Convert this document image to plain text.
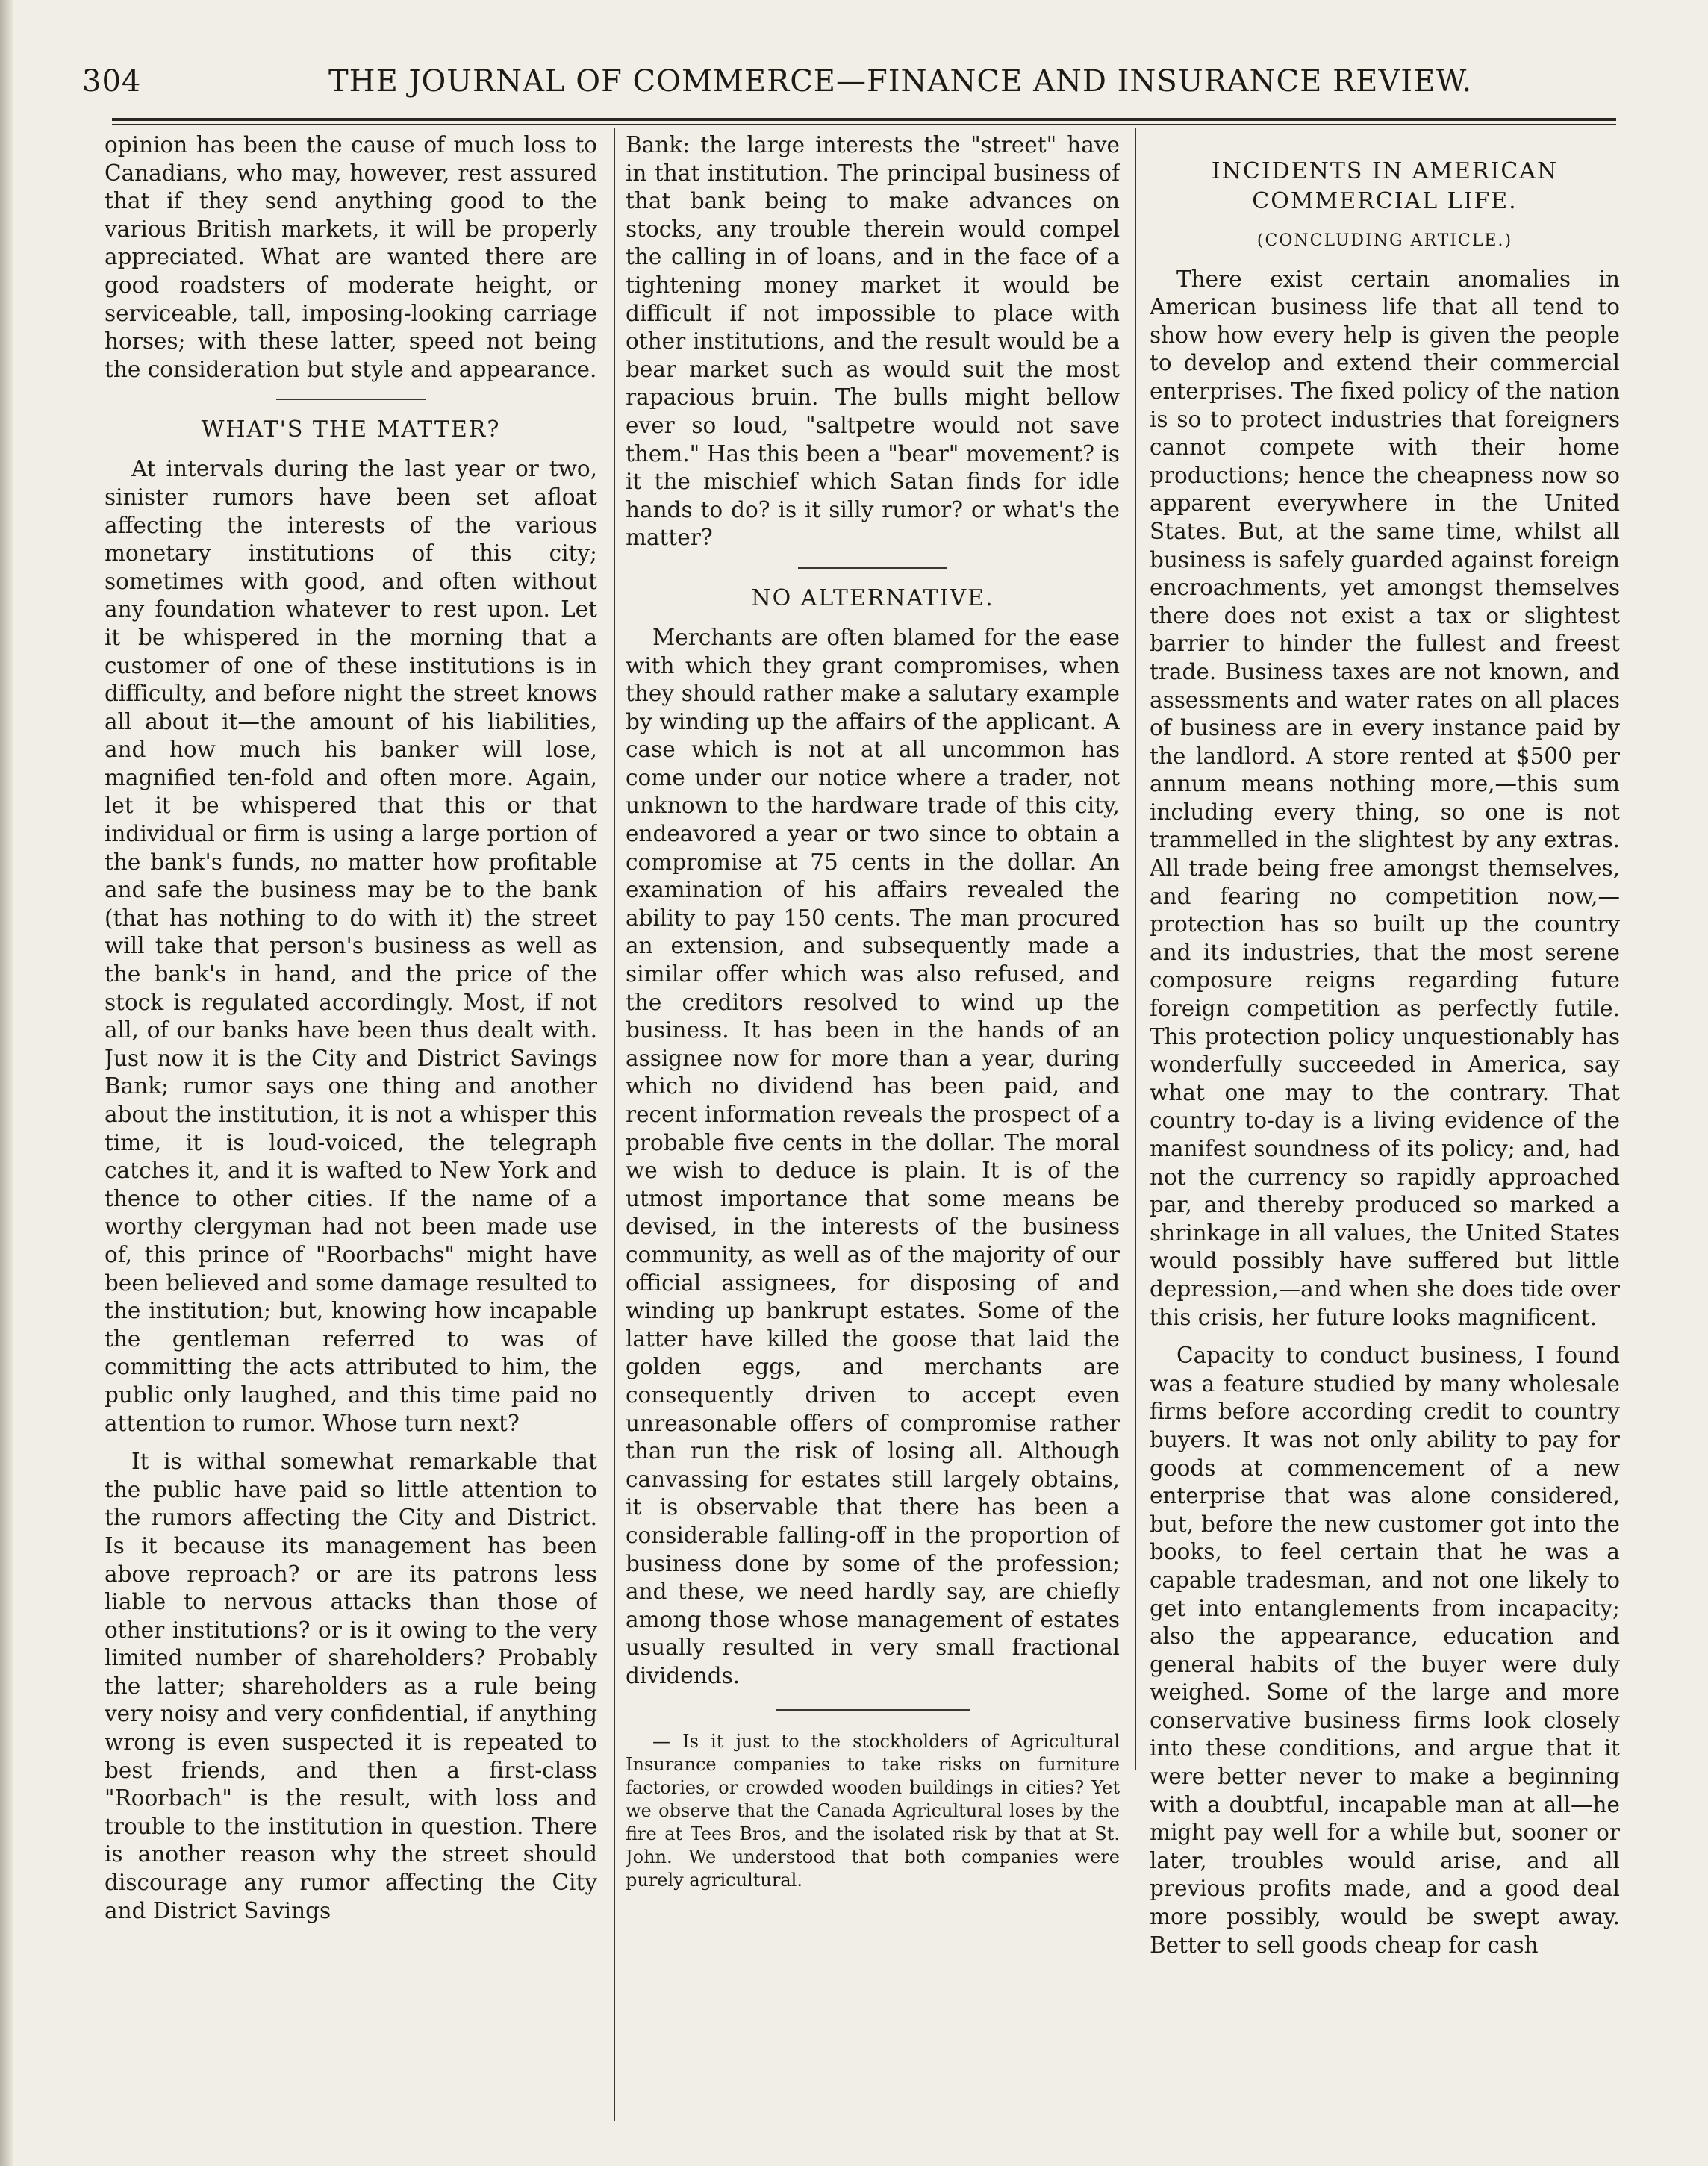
304	THE JOURNAL OF COMMERCE—FINANCE AND INSURANCE REVIEW.

opinion has been the cause of much loss to Canadians, who may, however, rest assured that if they send anything good to the various British markets, it will be properly appreciated. What are wanted there are good roadsters of moderate height, or serviceable, tall, imposing-looking carriage horses; with these latter, speed not being the consideration but style and appearance.

WHAT'S THE MATTER?

At intervals during the last year or two, sinister rumors have been set afloat affecting the interests of the various monetary institutions of this city; sometimes with good, and often without any foundation whatever to rest upon. Let it be whispered in the morning that a customer of one of these institutions is in difficulty, and before night the street knows all about it—the amount of his liabilities, and how much his banker will lose, magnified ten-fold and often more. Again, let it be whispered that this or that individual or firm is using a large portion of the bank's funds, no matter how profitable and safe the business may be to the bank (that has nothing to do with it) the street will take that person's business as well as the bank's in hand, and the price of the stock is regulated accordingly. Most, if not all, of our banks have been thus dealt with. Just now it is the City and District Savings Bank; rumor says one thing and another about the institution, it is not a whisper this time, it is loud-voiced, the telegraph catches it, and it is wafted to New York and thence to other cities. If the name of a worthy clergyman had not been made use of, this prince of "Roorbachs" might have been believed and some damage resulted to the institution; but, knowing how incapable the gentleman referred to was of committing the acts attributed to him, the public only laughed, and this time paid no attention to rumor. Whose turn next?

It is withal somewhat remarkable that the public have paid so little attention to the rumors affecting the City and District. Is it because its management has been above reproach? or are its patrons less liable to nervous attacks than those of other institutions? or is it owing to the very limited number of shareholders? Probably the latter; shareholders as a rule being very noisy and very confidential, if anything wrong is even suspected it is repeated to best friends, and then a first-class "Roorbach" is the result, with loss and trouble to the institution in question. There is another reason why the street should discourage any rumor affecting the City and District Savings

Bank: the large interests the "street" have in that institution. The principal business of that bank being to make advances on stocks, any trouble therein would compel the calling in of loans, and in the face of a tightening money market it would be difficult if not impossible to place with other institutions, and the result would be a bear market such as would suit the most rapacious bruin. The bulls might bellow ever so loud, "saltpetre would not save them." Has this been a "bear" movement? is it the mischief which Satan finds for idle hands to do? is it silly rumor? or what's the matter?

NO ALTERNATIVE.

Merchants are often blamed for the ease with which they grant compromises, when they should rather make a salutary example by winding up the affairs of the applicant. A case which is not at all uncommon has come under our notice where a trader, not unknown to the hardware trade of this city, endeavored a year or two since to obtain a compromise at 75 cents in the dollar. An examination of his affairs revealed the ability to pay 150 cents. The man procured an extension, and subsequently made a similar offer which was also refused, and the creditors resolved to wind up the business. It has been in the hands of an assignee now for more than a year, during which no dividend has been paid, and recent information reveals the prospect of a probable five cents in the dollar. The moral we wish to deduce is plain. It is of the utmost importance that some means be devised, in the interests of the business community, as well as of the majority of our official assignees, for disposing of and winding up bankrupt estates. Some of the latter have killed the goose that laid the golden eggs, and merchants are consequently driven to accept even unreasonable offers of compromise rather than run the risk of losing all. Although canvassing for estates still largely obtains, it is observable that there has been a considerable falling-off in the proportion of business done by some of the profession; and these, we need hardly say, are chiefly among those whose management of estates usually resulted in very small fractional dividends.

— Is it just to the stockholders of Agricultural Insurance companies to take risks on furniture factories, or crowded wooden buildings in cities? Yet we observe that the Canada Agricultural loses by the fire at Tees Bros, and the isolated risk by that at St. John. We understood that both companies were purely agricultural.

INCIDENTS IN AMERICAN COMMERCIAL LIFE.
(CONCLUDING ARTICLE.)

There exist certain anomalies in American business life that all tend to show how every help is given the people to develop and extend their commercial enterprises. The fixed policy of the nation is so to protect industries that foreigners cannot compete with their home productions; hence the cheapness now so apparent everywhere in the United States. But, at the same time, whilst all business is safely guarded against foreign encroachments, yet amongst themselves there does not exist a tax or slightest barrier to hinder the fullest and freest trade. Business taxes are not known, and assessments and water rates on all places of business are in every instance paid by the landlord. A store rented at $500 per annum means nothing more,—this sum including every thing, so one is not trammelled in the slightest by any extras. All trade being free amongst themselves, and fearing no competition now,—protection has so built up the country and its industries, that the most serene composure reigns regarding future foreign competition as perfectly futile. This protection policy unquestionably has wonderfully succeeded in America, say what one may to the contrary. That country to-day is a living evidence of the manifest soundness of its policy; and, had not the currency so rapidly approached par, and thereby produced so marked a shrinkage in all values, the United States would possibly have suffered but little depression,—and when she does tide over this crisis, her future looks magnificent.

Capacity to conduct business, I found was a feature studied by many wholesale firms before according credit to country buyers. It was not only ability to pay for goods at commencement of a new enterprise that was alone considered, but, before the new customer got into the books, to feel certain that he was a capable tradesman, and not one likely to get into entanglements from incapacity; also the appearance, education and general habits of the buyer were duly weighed. Some of the large and more conservative business firms look closely into these conditions, and argue that it were better never to make a beginning with a doubtful, incapable man at all—he might pay well for a while but, sooner or later, troubles would arise, and all previous profits made, and a good deal more possibly, would be swept away. Better to sell goods cheap for cash
